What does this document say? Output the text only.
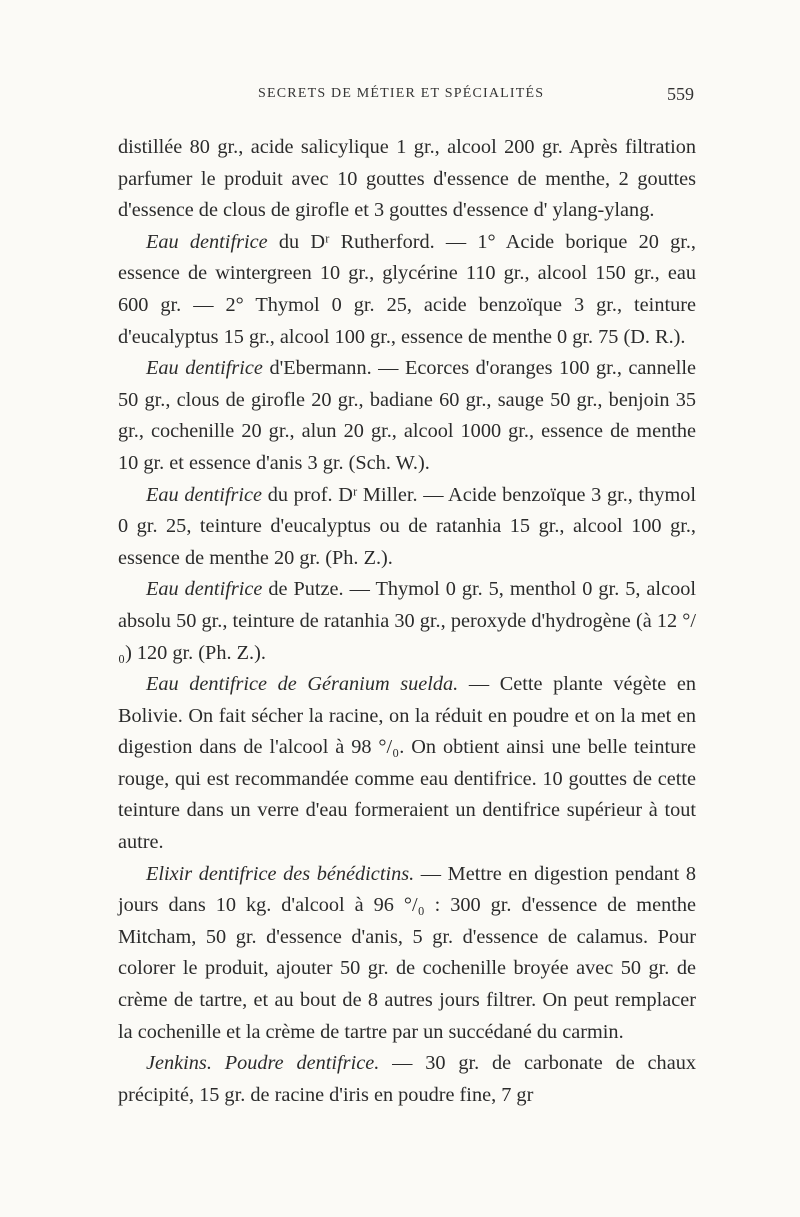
SECRETS DE MÉTIER ET SPÉCIALITÉS	559

distillée 80 gr., acide salicylique 1 gr., alcool 200 gr. Après filtration parfumer le produit avec 10 gouttes d'essence de menthe, 2 gouttes d'essence de clous de girofle et 3 gouttes d'essence d' ylang-ylang.

Eau dentifrice du Dʳ Rutherford. — 1° Acide borique 20 gr., essence de wintergreen 10 gr., glycérine 110 gr., alcool 150 gr., eau 600 gr. — 2° Thymol 0 gr. 25, acide benzoïque 3 gr., teinture d'eucalyptus 15 gr., alcool 100 gr., essence de menthe 0 gr. 75 (D. R.).

Eau dentifrice d'Ebermann. — Ecorces d'oranges 100 gr., cannelle 50 gr., clous de girofle 20 gr., badiane 60 gr., sauge 50 gr., benjoin 35 gr., cochenille 20 gr., alun 20 gr., alcool 1000 gr., essence de menthe 10 gr. et essence d'anis 3 gr. (Sch. W.).

Eau dentifrice du prof. Dʳ Miller. — Acide benzoïque 3 gr., thymol 0 gr. 25, teinture d'eucalyptus ou de ratanhia 15 gr., alcool 100 gr., essence de menthe 20 gr. (Ph. Z.).

Eau dentifrice de Putze. — Thymol 0 gr. 5, menthol 0 gr. 5, alcool absolu 50 gr., teinture de ratanhia 30 gr., peroxyde d'hydrogène (à 12 °/₀) 120 gr. (Ph. Z.).

Eau dentifrice de Géranium suelda. — Cette plante végète en Bolivie. On fait sécher la racine, on la réduit en poudre et on la met en digestion dans de l'alcool à 98 °/₀. On obtient ainsi une belle teinture rouge, qui est recommandée comme eau dentifrice. 10 gouttes de cette teinture dans un verre d'eau formeraient un dentifrice supérieur à tout autre.

Elixir dentifrice des bénédictins. — Mettre en digestion pendant 8 jours dans 10 kg. d'alcool à 96 °/₀ : 300 gr. d'essence de menthe Mitcham, 50 gr. d'essence d'anis, 5 gr. d'essence de calamus. Pour colorer le produit, ajouter 50 gr. de cochenille broyée avec 50 gr. de crème de tartre, et au bout de 8 autres jours filtrer. On peut remplacer la cochenille et la crème de tartre par un succédané du carmin.

Jenkins. Poudre dentifrice. — 30 gr. de carbonate de chaux précipité, 15 gr. de racine d'iris en poudre fine, 7 gr
